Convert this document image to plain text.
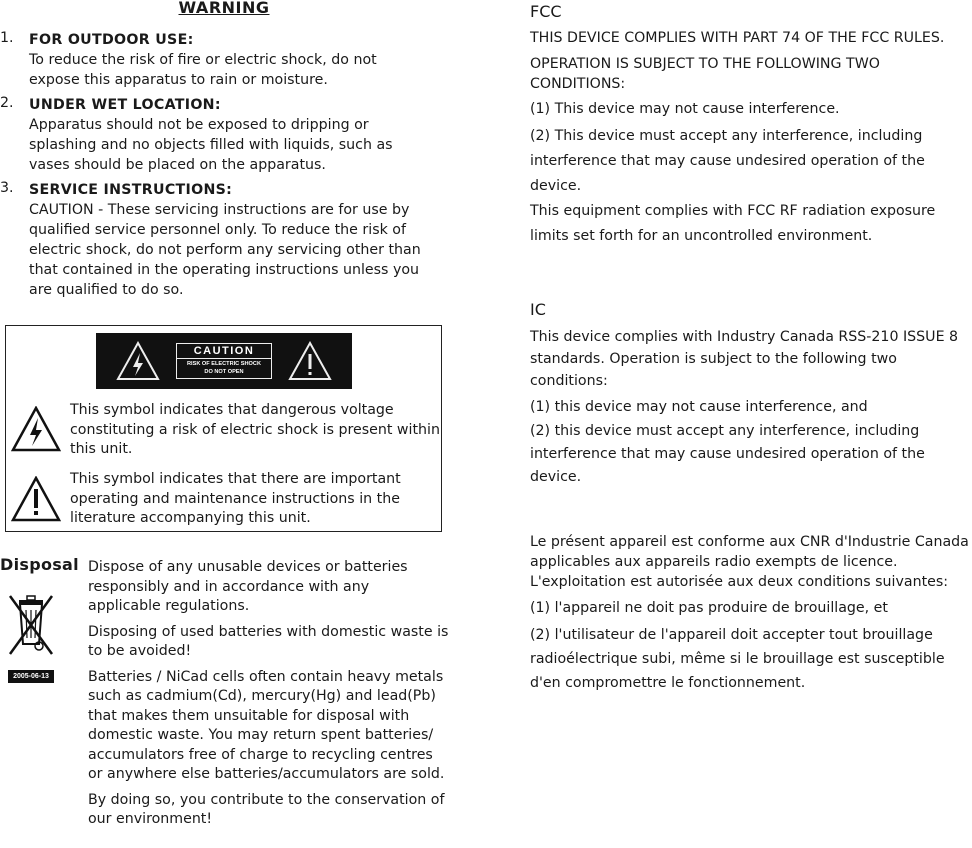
WARNING
1.	FOR OUTDOOR USE:
To reduce the risk of fire or electric shock, do not expose this apparatus to rain or moisture.
2.	UNDER WET LOCATION:
Apparatus should not be exposed to dripping or splashing and no objects filled with liquids, such as vases should be placed on the apparatus.
3.	SERVICE INSTRUCTIONS:
CAUTION - These servicing instructions are for use by qualified service personnel only. To reduce the risk of electric shock, do not perform any servicing other than that contained in the operating instructions unless you are qualified to do so.
CAUTION
RISK OF ELECTRIC SHOCK
DO NOT OPEN
This symbol indicates that dangerous voltage constituting a risk of electric shock is present within this unit.
This symbol indicates that there are important operating and maintenance instructions in the literature accompanying this unit.
Disposal
2005-06-13

Dispose of any unusable devices or batteries responsibly and in accordance with any applicable regulations.

Disposing of used batteries with domestic waste is to be avoided!

Batteries / NiCad cells often contain heavy metals such as cadmium(Cd), mercury(Hg) and lead(Pb) that makes them unsuitable for disposal with domestic waste. You may return spent batteries/ accumulators free of charge to recycling centres or anywhere else batteries/accumulators are sold.

By doing so, you contribute to the conservation of our environment!

FCC
THIS DEVICE COMPLIES WITH PART 74 OF THE FCC RULES.
OPERATION IS SUBJECT TO THE FOLLOWING TWO CONDITIONS:
(1) This device may not cause interference.
(2) This device must accept any interference, including interference that may cause undesired operation of the device.
This equipment complies with FCC RF radiation exposure limits set forth for an uncontrolled environment.
IC
This device complies with Industry Canada RSS-210 ISSUE 8 standards. Operation is subject to the following two conditions:
(1) this device may not cause interference, and
(2) this device must accept any interference, including interference that may cause undesired operation of the device.
Le présent appareil est conforme aux CNR d'Industrie Canada applicables aux appareils radio exempts de licence. L'exploitation est autorisée aux deux conditions suivantes:
(1) l'appareil ne doit pas produire de brouillage, et
(2) l'utilisateur de l'appareil doit accepter tout brouillage radioélectrique subi, même si le brouillage est susceptible d'en compromettre le fonctionnement.
